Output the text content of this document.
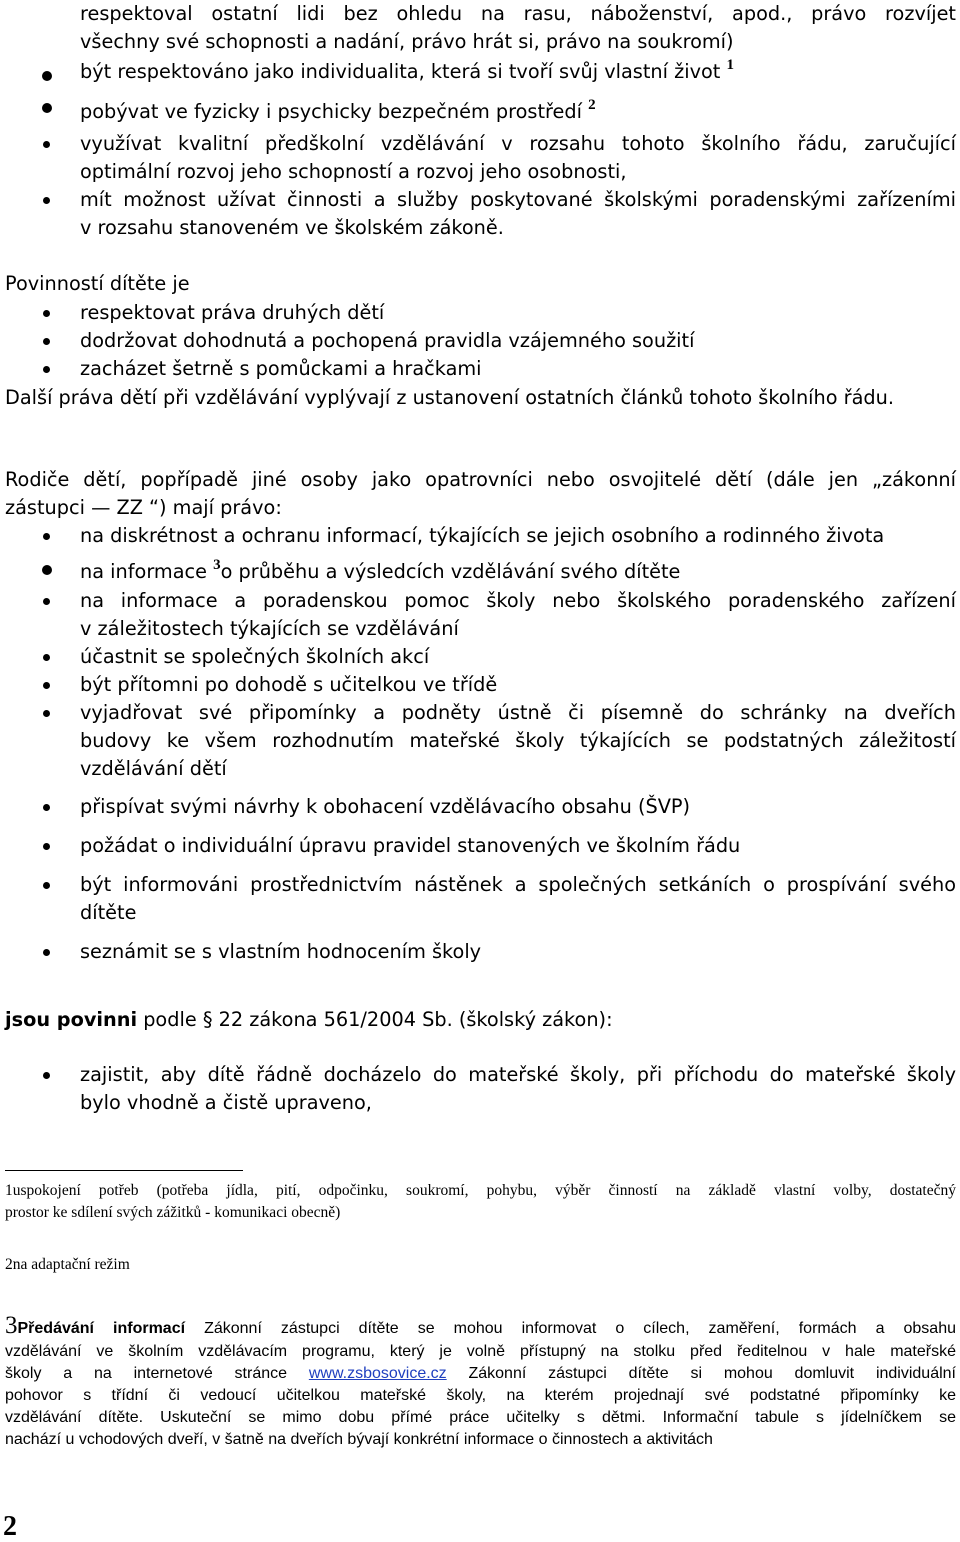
respektoval ostatní lidi bez ohledu na rasu, náboženství, apod., právo rozvíjet

všechny své schopnosti a nadání, právo hrát si, právo na soukromí)

být respektováno jako individualita, která si tvoří svůj vlastní život $^1$

pobývat ve fyzicky i psychicky bezpečném prostředí $^2$

využívat kvalitní předškolní vzdělávání v rozsahu tohoto školního řádu, zaručující

optimální rozvoj jeho schopností a rozvoj jeho osobnosti,

mít možnost užívat činnosti a služby poskytované školskými poradenskými zařízeními

v rozsahu stanoveném ve školském zákoně.

Povinností dítěte je

respektovat práva druhých dětí

dodržovat dohodnutá a pochopená pravidla vzájemného soužití

zacházet šetrně s pomůckami a hračkami

Další práva dětí při vzdělávání vyplývají z ustanovení ostatních článků tohoto školního řádu.

Rodiče dětí, popřípadě jiné osoby jako opatrovníci nebo osvojitelé dětí (dále jen „zákonní

zástupci — ZZ “) mají právo:

na diskrétnost a ochranu informací, týkajících se jejich osobního a rodinného života

na informace $^3$o průběhu a výsledcích vzdělávání svého dítěte

na informace a poradenskou pomoc školy nebo školského poradenského zařízení

v záležitostech týkajících se vzdělávání

účastnit se společných školních akcí

být přítomni po dohodě s učitelkou ve třídě

vyjadřovat své připomínky a podněty ústně či písemně do schránky na dveřích

budovy ke všem rozhodnutím mateřské školy týkajících se podstatných záležitostí

vzdělávání dětí

přispívat svými návrhy k obohacení vzdělávacího obsahu (ŠVP)

požádat o individuální úpravu pravidel stanovených ve školním řádu

být informováni prostřednictvím nástěnek a společných setkáních o prospívání svého

dítěte

seznámit se s vlastním hodnocením školy

jsou povinni podle § 22 zákona 561/2004 Sb. (školský zákon):

zajistit, aby dítě řádně docházelo do mateřské školy, při příchodu do mateřské školy

bylo vhodně a čistě upraveno,

1uspokojení potřeb (potřeba jídla, pití, odpočinku, soukromí, pohybu, výběr činností na základě vlastní volby, dostatečný

prostor ke sdílení svých zážitků - komunikaci obecně)

2na adaptační režim

3Předávání informací Zákonní zástupci dítěte se mohou informovat o cílech, zaměření, formách a obsahu

vzdělávání ve školním vzdělávacím programu, který je volně přístupný na stolku před ředitelnou v hale mateřské

školy a na internetové stránce www.zsbosovice.cz Zákonní zástupci dítěte si mohou domluvit individuální

pohovor s třídní či vedoucí učitelkou mateřské školy, na kterém projednají své podstatné připomínky ke

vzdělávání dítěte. Uskuteční se mimo dobu přímé práce učitelky s dětmi. Informační tabule s jídelníčkem se

nachází u vchodových dveří, v šatně na dveřích bývají konkrétní informace o činnostech a aktivitách

2
